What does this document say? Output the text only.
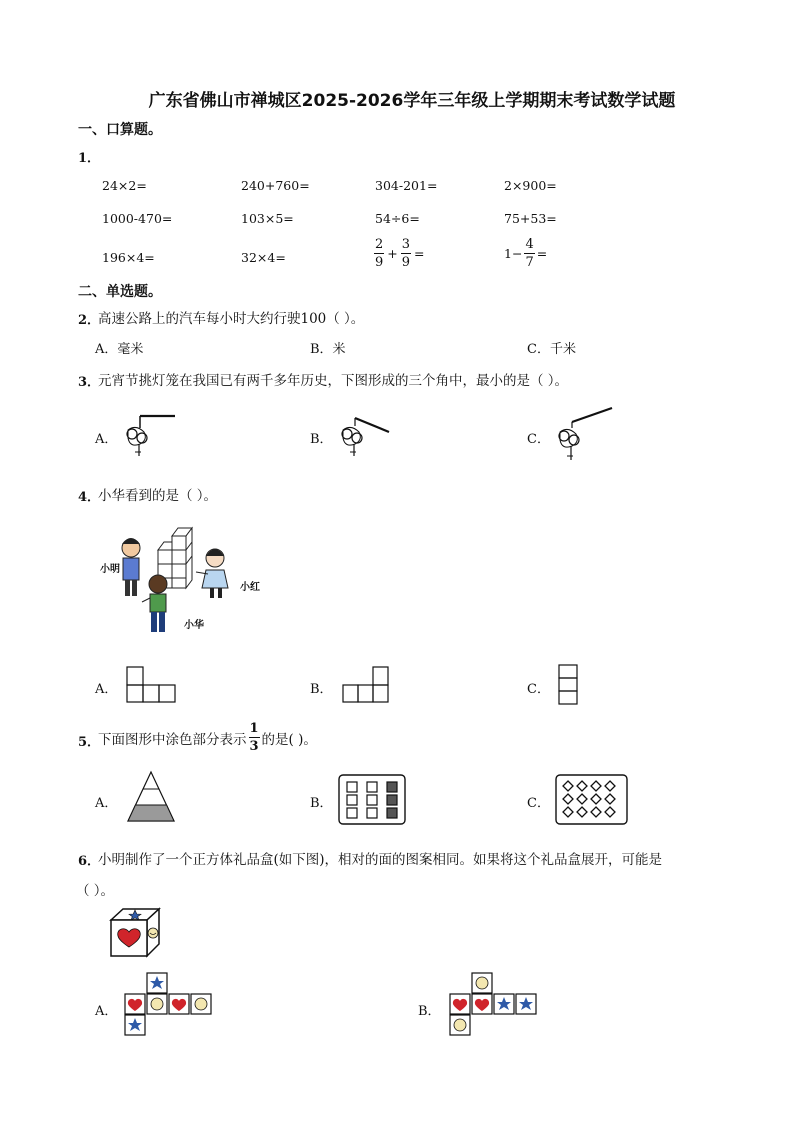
广东省佛山市禅城区2025-2026学年三年级上学期期末考试数学试题
一、口算题。
1．
24×2=	240+760=	304-201=	2×900=
1000-470=	103×5=	54÷6=	75+53=
196×4=	32×4=	$\frac{2}{9} + \frac{3}{9}$ =	$1- \frac{4}{7}$ =
二、单选题。
2．
高速公路上的汽车每小时大约行驶100（ ）。
A．毫米	B．米	C．千米
3．
元宵节挑灯笼在我国已有两千多年历史，下图形成的三个角中，最小的是（ ）。
A．	B．	C．
4．
小华看到的是（ ）。
小明
小红
小华
A．	B．	C．
5．
下面图形中涂色部分表示 $\frac{1}{3}$ 的是( )。
A．	B．	C．
6．
小明制作了一个正方体礼品盒(如下图)，相对的面的图案相同。如果将这个礼品盒展开，可能是
（ ）。
A．	B．
